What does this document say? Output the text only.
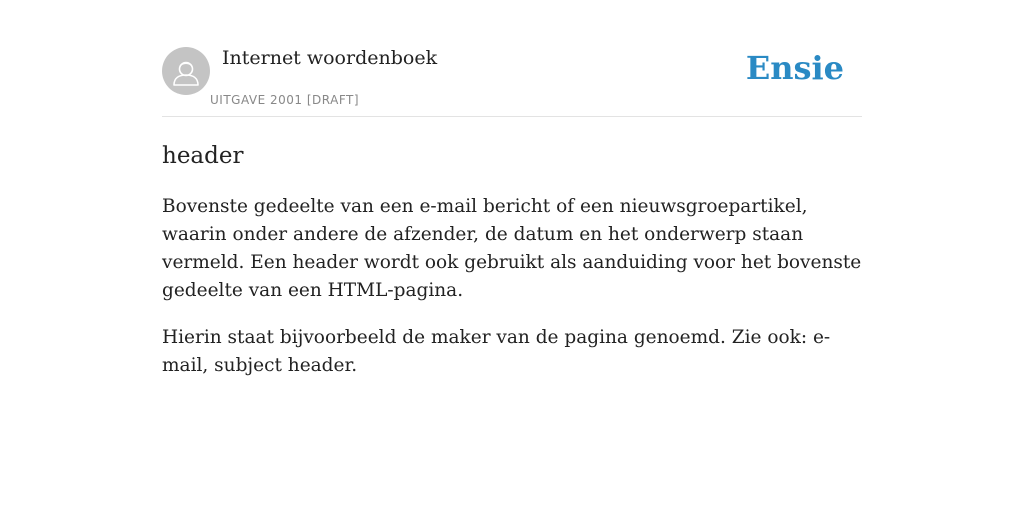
Internet woordenboek
UITGAVE 2001 [DRAFT]
Ensie
header

Bovenste gedeelte van een e-mail bericht of een nieuwsgroepartikel, waarin onder andere de afzender, de datum en het onderwerp staan vermeld. Een header wordt ook gebruikt als aanduiding voor het bovenste gedeelte van een HTML-pagina.

Hierin staat bijvoorbeeld de maker van de pagina genoemd. Zie ook: e-mail, subject header.
